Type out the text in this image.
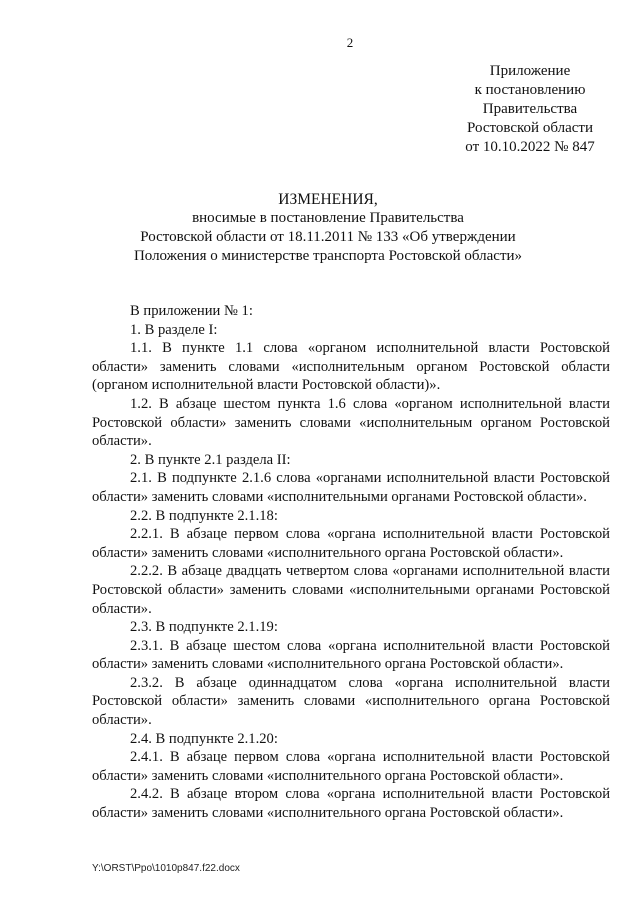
2
Приложение
к постановлению
Правительства
Ростовской области
от 10.10.2022 № 847
ИЗМЕНЕНИЯ,
вносимые в постановление Правительства
Ростовской области от 18.11.2011 № 133 «Об утверждении
Положения о министерстве транспорта Ростовской области»

В приложении № 1:

1. В разделе I:

1.1. В пункте 1.1 слова «органом исполнительной власти Ростовской области» заменить словами «исполнительным органом Ростовской области (органом исполнительной власти Ростовской области)».

1.2. В абзаце шестом пункта 1.6 слова «органом исполнительной власти Ростовской области» заменить словами «исполнительным органом Ростовской области».

2. В пункте 2.1 раздела II:

2.1. В подпункте 2.1.6 слова «органами исполнительной власти Ростовской области» заменить словами «исполнительными органами Ростовской области».

2.2. В подпункте 2.1.18:

2.2.1. В абзаце первом слова «органа исполнительной власти Ростовской области» заменить словами «исполнительного органа Ростовской области».

2.2.2. В абзаце двадцать четвертом слова «органами исполнительной власти Ростовской области» заменить словами «исполнительными органами Ростовской области».

2.3. В подпункте 2.1.19:

2.3.1. В абзаце шестом слова «органа исполнительной власти Ростовской области» заменить словами «исполнительного органа Ростовской области».

2.3.2. В абзаце одиннадцатом слова «органа исполнительной власти Ростовской области» заменить словами «исполнительного органа Ростовской области».

2.4. В подпункте 2.1.20:

2.4.1. В абзаце первом слова «органа исполнительной власти Ростовской области» заменить словами «исполнительного органа Ростовской области».

2.4.2. В абзаце втором слова «органа исполнительной власти Ростовской области» заменить словами «исполнительного органа Ростовской области».

Y:\ORST\Ppo\1010p847.f22.docx
